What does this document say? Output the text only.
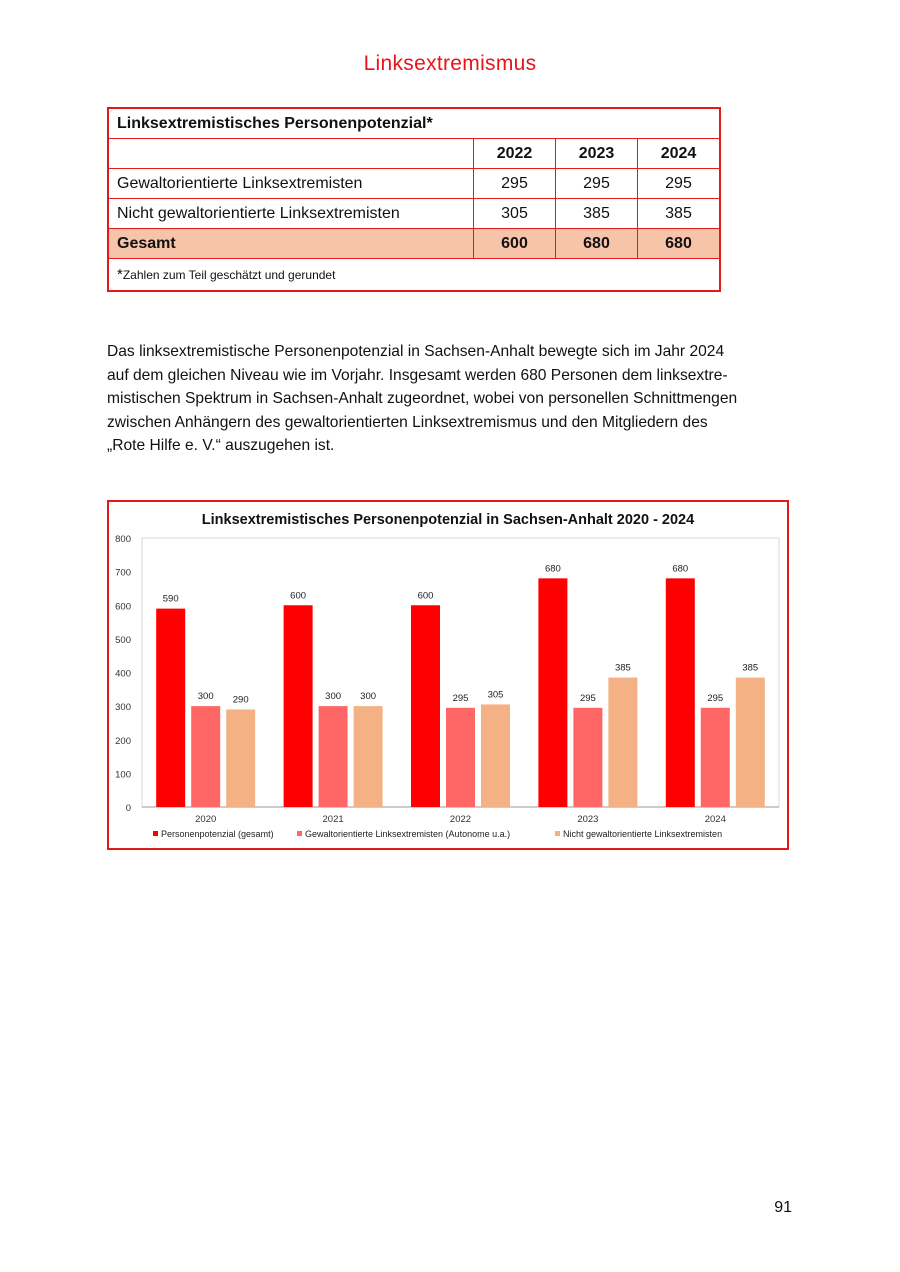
Linksextremismus
Linksextremistisches Personenpotenzial*			
	2022	2023	2024
Gewaltorientierte Linksextremisten	295	295	295
Nicht gewaltorientierte Linksextremisten	305	385	385
Gesamt	600	680	680
*Zahlen zum Teil geschätzt und gerundet			
Das linksextremistische Personenpotenzial in Sachsen-Anhalt bewegte sich im Jahr 2024
auf dem gleichen Niveau wie im Vorjahr. Insgesamt werden 680 Personen dem linksextre-
mistischen Spektrum in Sachsen-Anhalt zugeordnet, wobei von personellen Schnittmengen
zwischen Anhängern des gewaltorientierten Linksextremismus und den Mitgliedern des
„Rote Hilfe e. V.“ auszugehen ist.
Linksextremistisches Personenpotenzial in Sachsen-Anhalt 2020 - 2024
0
100
200
300
400
500
600
700
800
590
300 290
2020
600
300 300
2021
600
295 305
2022
680
295
385
2023
680
295
385
2024
Personenpotenzial (gesamt)	Gewaltorientierte Linksextremisten (Autonome u.a.)	Nicht gewaltorientierte Linksextremisten
91
